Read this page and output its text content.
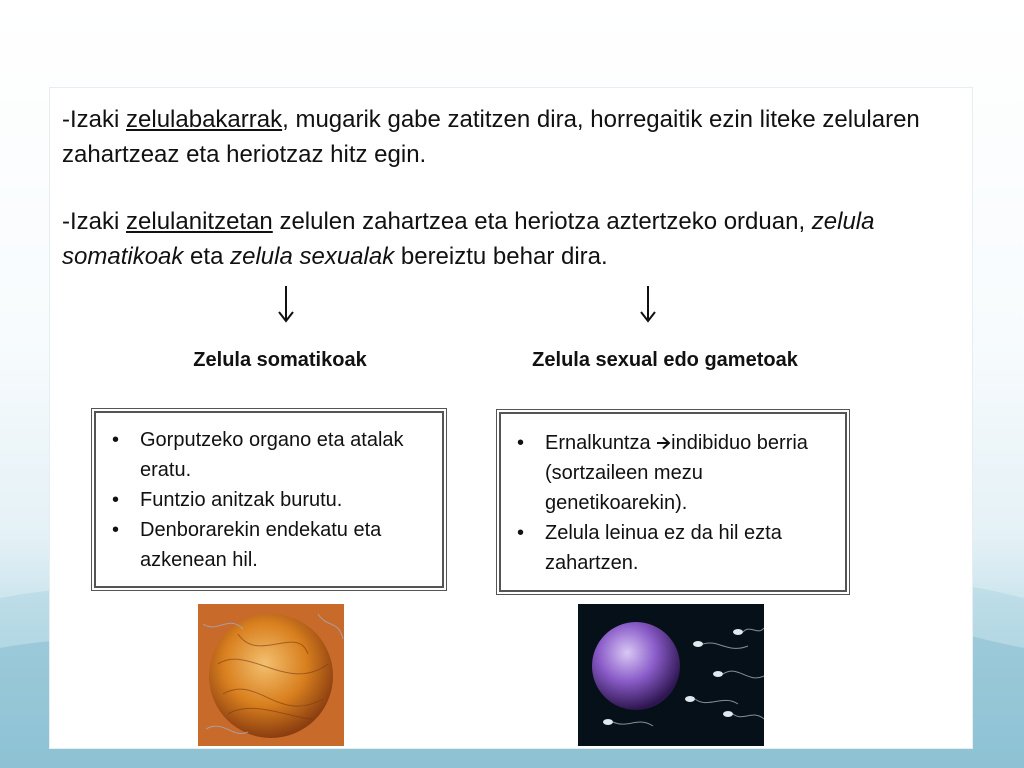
-Izaki zelulabakarrak, mugarik gabe zatitzen dira, horregaitik ezin liteke zelularen zahartzeaz eta heriotzaz hitz egin.

-Izaki zelulanitzetan zelulen zahartzea eta heriotza aztertzeko orduan, zelula somatikoak eta zelula sexualak bereiztu behar dira.

Zelula somatikoak	Zelula sexual edo gametoak
• Gorputzeko organo eta atalak eratu.
• Funtzio anitzak burutu.
• Denborarekin endekatu eta azkenean hil.
• Ernalkuntza indibiduo berria (sortzaileen mezu genetikoarekin).
• Zelula leinua ez da hil ezta zahartzen.
